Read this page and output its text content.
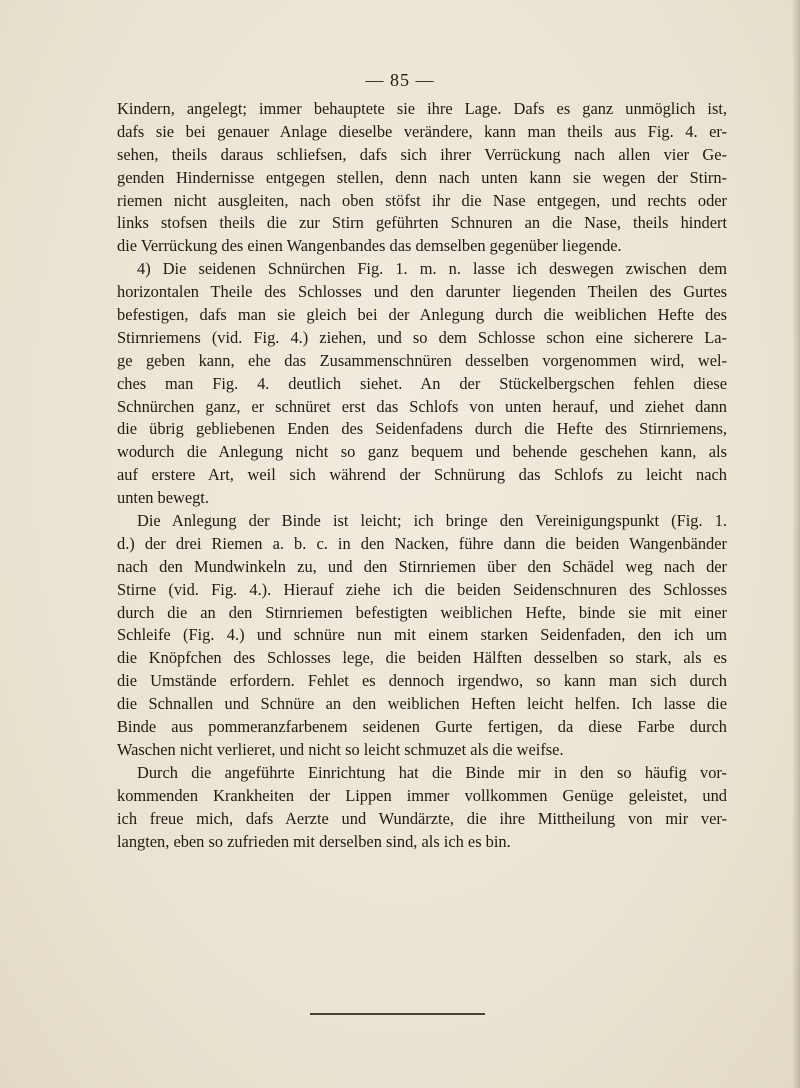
— 85 —
Kindern, angelegt; immer behauptete sie ihre Lage. Dafs es ganz unmöglich ist,
dafs sie bei genauer Anlage dieselbe verändere, kann man theils aus Fig. 4. er-
sehen, theils daraus schliefsen, dafs sich ihrer Verrückung nach allen vier Ge-
genden Hindernisse entgegen stellen, denn nach unten kann sie wegen der Stirn-
riemen nicht ausgleiten, nach oben stöfst ihr die Nase entgegen, und rechts oder
links stofsen theils die zur Stirn geführten Schnuren an die Nase, theils hindert
die Verrückung des einen Wangenbandes das demselben gegenüber liegende.
4) Die seidenen Schnürchen Fig. 1. m. n. lasse ich deswegen zwischen dem
horizontalen Theile des Schlosses und den darunter liegenden Theilen des Gurtes
befestigen, dafs man sie gleich bei der Anlegung durch die weiblichen Hefte des
Stirnriemens (vid. Fig. 4.) ziehen, und so dem Schlosse schon eine sicherere La-
ge geben kann, ehe das Zusammenschnüren desselben vorgenommen wird, wel-
ches man Fig. 4. deutlich siehet. An der Stückelbergschen fehlen diese
Schnürchen ganz, er schnüret erst das Schlofs von unten herauf, und ziehet dann
die übrig gebliebenen Enden des Seidenfadens durch die Hefte des Stirnriemens,
wodurch die Anlegung nicht so ganz bequem und behende geschehen kann, als
auf erstere Art, weil sich während der Schnürung das Schlofs zu leicht nach
unten bewegt.
Die Anlegung der Binde ist leicht; ich bringe den Vereinigungspunkt (Fig. 1.
d.) der drei Riemen a. b. c. in den Nacken, führe dann die beiden Wangenbänder
nach den Mundwinkeln zu, und den Stirnriemen über den Schädel weg nach der
Stirne (vid. Fig. 4.). Hierauf ziehe ich die beiden Seidenschnuren des Schlosses
durch die an den Stirnriemen befestigten weiblichen Hefte, binde sie mit einer
Schleife (Fig. 4.) und schnüre nun mit einem starken Seidenfaden, den ich um
die Knöpfchen des Schlosses lege, die beiden Hälften desselben so stark, als es
die Umstände erfordern. Fehlet es dennoch irgendwo, so kann man sich durch
die Schnallen und Schnüre an den weiblichen Heften leicht helfen. Ich lasse die
Binde aus pommeranzfarbenem seidenen Gurte fertigen, da diese Farbe durch
Waschen nicht verlieret, und nicht so leicht schmuzet als die weifse.
Durch die angeführte Einrichtung hat die Binde mir in den so häufig vor-
kommenden Krankheiten der Lippen immer vollkommen Genüge geleistet, und
ich freue mich, dafs Aerzte und Wundärzte, die ihre Mittheilung von mir ver-
langten, eben so zufrieden mit derselben sind, als ich es bin.
